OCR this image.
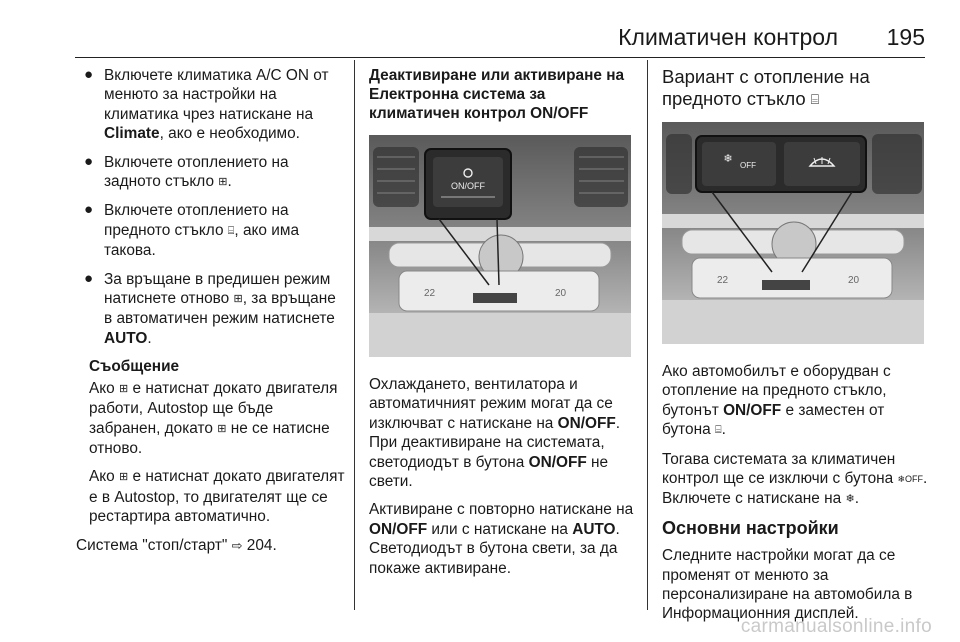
Климатичен контрол 195
● Включете климатика A/C ON от менюто за настройки на климатика чрез натискане на Climate, ако е необходимо.
● Включете отоплението на задното стъкло ⊞.
● Включете отоплението на предното стъкло ⌸, ако има такова.
● За връщане в предишен режим натиснете отново ⊞, за връщане в автоматичен режим натиснете AUTO.
Съобщение

Ако ⊞ е натиснат докато двигателя работи, Autostop ще бъде забранен, докато ⊞ не се натисне отново.

Ако ⊞ е натиснат докато двигателят е в Autostop, то двигателят ще се рестартира автоматично.

Система "стоп/старт" ⇨ 204.

Деактивиране или активиране на Електронна система за климатичен контрол ON/OFF
22	20
ON/OFF

Охлаждането, вентилатора и автоматичният режим могат да се изключват с натискане на ON/OFF. При деактивиране на системата, светодиодът в бутона ON/OFF не свети.

Активиране с повторно натискане на ON/OFF или с натискане на AUTO. Светодиодът в бутона свети, за да покаже активиране.

Вариант с отопление на предното стъкло ⌸
22	20
❄
OFF

Ако автомобилът е оборудван с отопление на предното стъкло, бутонът ON/OFF е заместен от бутона ⌸.

Тогава системата за климатичен контрол ще се изключи с бутона ❄OFF. Включете с натискане на ❄.

Основни настройки

Следните настройки могат да се променят от менюто за персонализиране на автомобила в Информационния дисплей.

carmanualsonline.info
